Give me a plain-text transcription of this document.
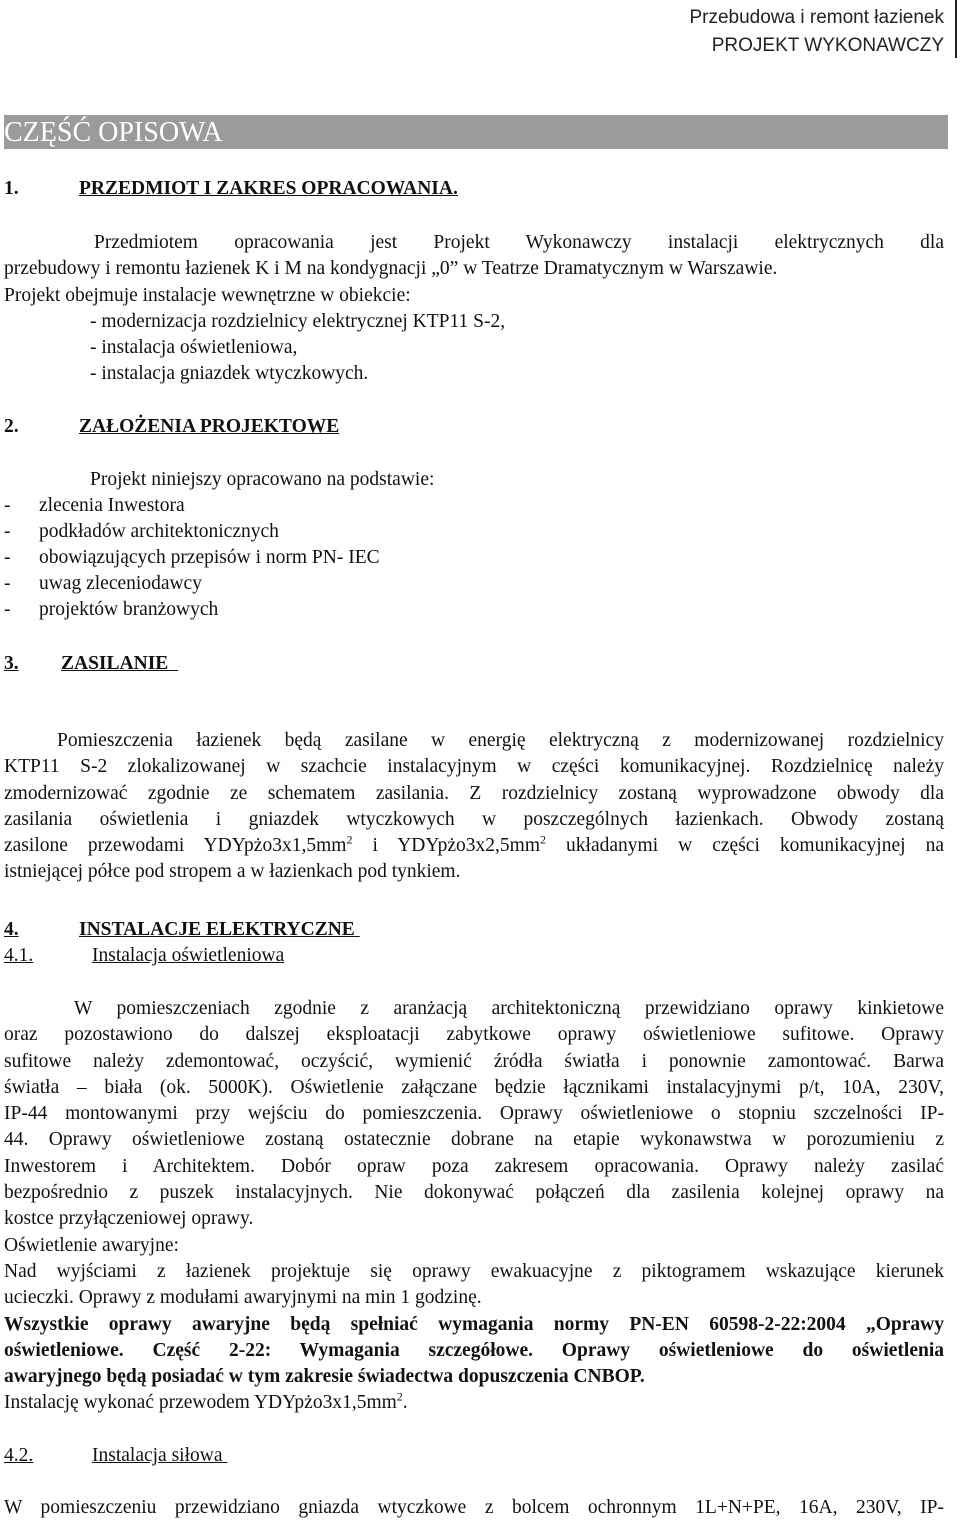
Przebudowa i remont łazienek
PROJEKT WYKONAWCZY
CZĘŚĆ OPISOWA
1.	PRZEDMIOT I ZAKRES OPRACOWANIA.
Przedmiotem opracowania jest Projekt Wykonawczy instalacji elektrycznych dla
przebudowy i remontu łazienek K i M na kondygnacji „0” w Teatrze Dramatycznym w Warszawie.
Projekt obejmuje instalacje wewnętrzne w obiekcie:
- modernizacja rozdzielnicy elektrycznej KTP11 S-2,
- instalacja oświetleniowa,
- instalacja gniazdek wtyczkowych.
2.	ZAŁOŻENIA PROJEKTOWE
Projekt niniejszy opracowano na podstawie:
- zlecenia Inwestora
- podkładów architektonicznych
- obowiązujących przepisów i norm PN- IEC
- uwag zleceniodawcy
- projektów branżowych
3. ZASILANIE
Pomieszczenia łazienek będą zasilane w energię elektryczną z modernizowanej rozdzielnicy
KTP11 S-2 zlokalizowanej w szachcie instalacyjnym w części komunikacyjnej. Rozdzielnicę należy
zmodernizować zgodnie ze schematem zasilania. Z rozdzielnicy zostaną wyprowadzone obwody dla
zasilania oświetlenia i gniazdek wtyczkowych w poszczególnych łazienkach. Obwody zostaną
zasilone przewodami $YDYpżo3x1,5mm^2$ i $YDYpżo3x2,5mm^2$ układanymi w części komunikacyjnej na
istniejącej półce pod stropem a w łazienkach pod tynkiem.
4.	INSTALACJE ELEKTRYCZNE
4.1.	Instalacja oświetleniowa
W pomieszczeniach zgodnie z aranżacją architektoniczną przewidziano oprawy kinkietowe
oraz pozostawiono do dalszej eksploatacji zabytkowe oprawy oświetleniowe sufitowe. Oprawy
sufitowe należy zdemontować, oczyścić, wymienić źródła światła i ponownie zamontować. Barwa
światła – biała (ok. 5000K). Oświetlenie załączane będzie łącznikami instalacyjnymi p/t, 10A, 230V,
IP-44 montowanymi przy wejściu do pomieszczenia. Oprawy oświetleniowe o stopniu szczelności IP-
44. Oprawy oświetleniowe zostaną ostatecznie dobrane na etapie wykonawstwa w porozumieniu z
Inwestorem i Architektem. Dobór opraw poza zakresem opracowania. Oprawy należy zasilać
bezpośrednio z puszek instalacyjnych. Nie dokonywać połączeń dla zasilenia kolejnej oprawy na
kostce przyłączeniowej oprawy.
Oświetlenie awaryjne:
Nad wyjściami z łazienek projektuje się oprawy ewakuacyjne z piktogramem wskazujące kierunek
ucieczki. Oprawy z modułami awaryjnymi na min 1 godzinę.
Wszystkie oprawy awaryjne będą spełniać wymagania normy PN-EN 60598-2-22:2004 „Oprawy
oświetleniowe. Część 2-22: Wymagania szczegółowe. Oprawy oświetleniowe do oświetlenia
awaryjnego będą posiadać w tym zakresie świadectwa dopuszczenia CNBOP.
Instalację wykonać przewodem $YDYpżo3x1,5mm^2$.
4.2.	Instalacja siłowa
W pomieszczeniu przewidziano gniazda wtyczkowe z bolcem ochronnym 1L+N+PE, 16A, 230V, IP-
